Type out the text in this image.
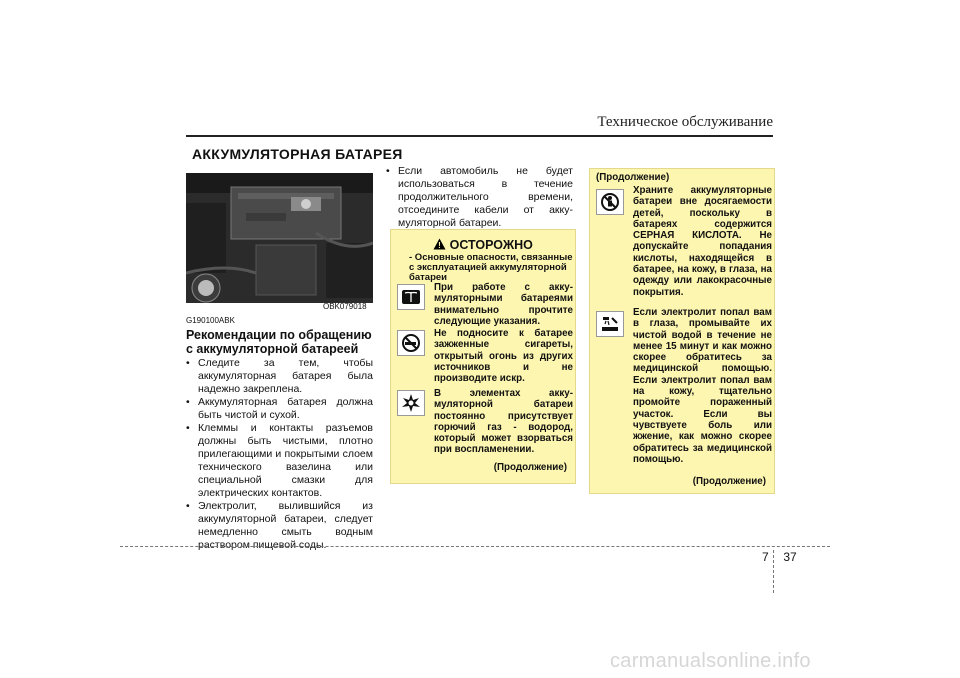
Техническое обслуживание
АККУМУЛЯТОРНАЯ БАТАРЕЯ
OBK079018
G190100ABK
Рекомендации по обращению с аккумуляторной батареей
• Следите за тем, чтобы аккумуляторная батарея была надежно закреплена.
• Аккумуляторная батарея должна быть чистой и сухой.
• Клеммы и контакты разъемов должны быть чистыми, плотно прилегающими и покрытыми слоем технического вазелина или специальной смазки для электрических контактов.
• Электролит, вылившийся из аккумуляторной батареи, следует немедленно смыть водным раствором пищевой соды.
• Если автомобиль не будет использоваться в течение продолжительного времени, отсоедините кабели от аккумуляторной батареи.
! ОСТОРОЖНО
- Основные опасности, связанные с эксплуатацией аккумуляторной батареи
При работе с аккумуляторными батареями внимательно прочтите следующие указания.
Не подносите к батарее зажженные сигареты, открытый огонь из других источников и не производите искр.
В элементах аккумуляторной батареи постоянно присутствует горючий газ - водород, который может взорваться при воспламенении.
(Продолжение)
(Продолжение)
Храните аккумуляторные батареи вне досягаемости детей, поскольку в батареях содержится СЕРНАЯ КИСЛОТА. Не допускайте попадания кислоты, находящейся в батарее, на кожу, в глаза, на одежду или лакокрасочные покрытия.
Если электролит попал вам в глаза, промывайте их чистой водой в течение не менее 15 минут и как можно скорее обратитесь за медицинской помощью. Если электролит попал вам на кожу, тщательно промойте пораженный участок. Если вы чувствуете боль или жжение, как можно скорее обратитесь за медицинской помощью.
(Продолжение)
7 37
carmanualsonline.info
